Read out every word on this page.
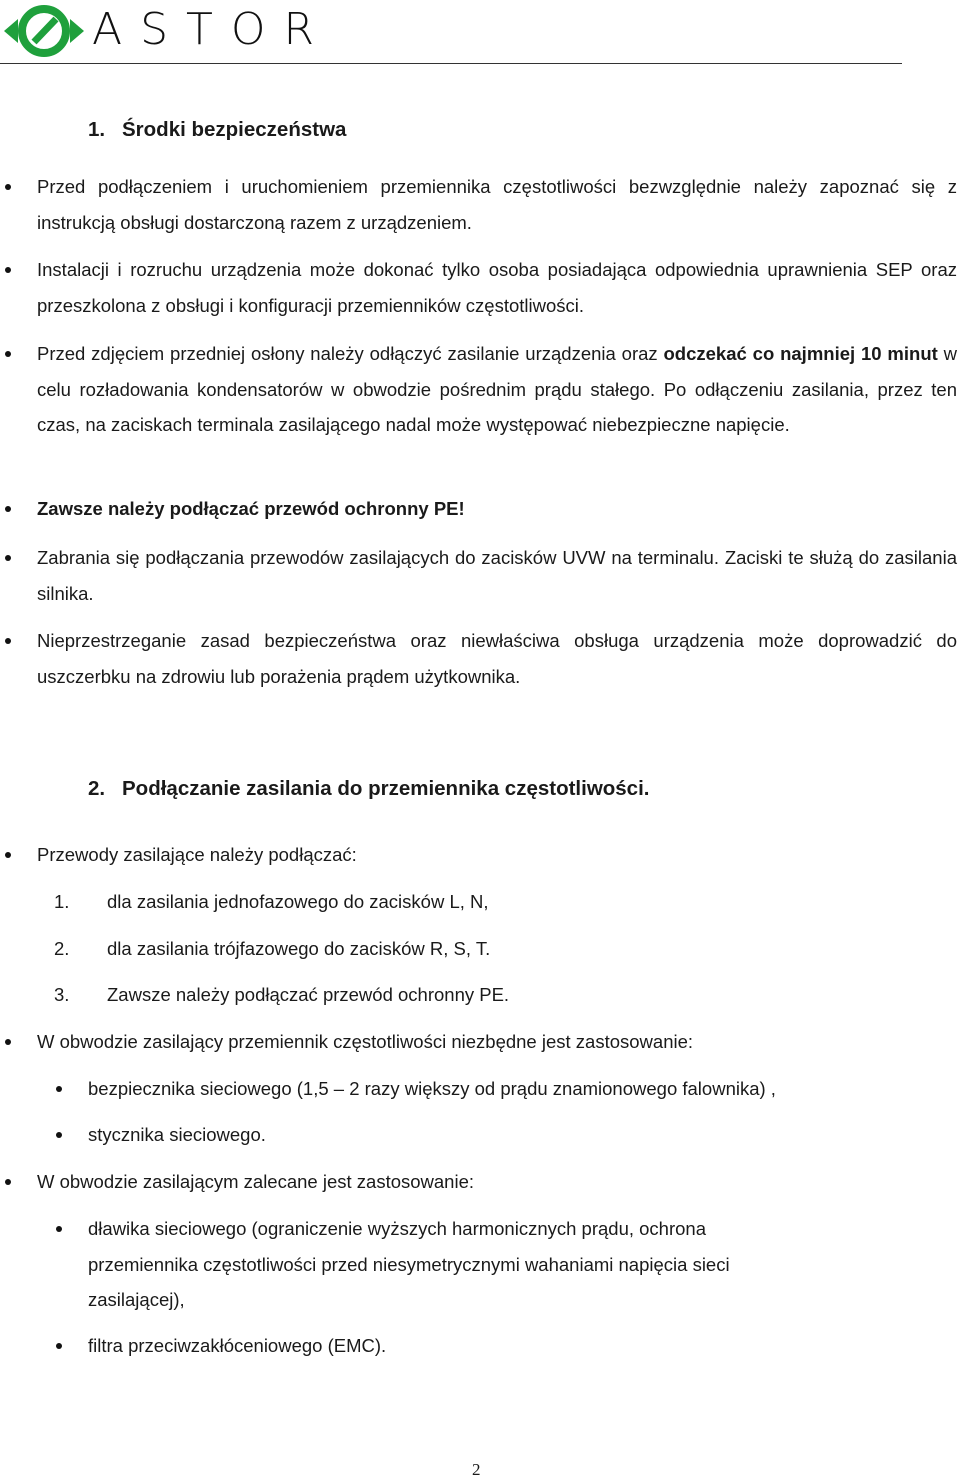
ASTOR
1. Środki bezpieczeństwa

Przed podłączeniem i uruchomieniem przemiennika częstotliwości bezwzględnie należy zapoznać się z instrukcją obsługi dostarczoną razem z urządzeniem.

Instalacji i rozruchu urządzenia może dokonać tylko osoba posiadająca odpowiednia uprawnienia SEP oraz przeszkolona z obsługi i konfiguracji przemienników częstotliwości.

Przed zdjęciem przedniej osłony należy odłączyć zasilanie urządzenia oraz odczekać co najmniej 10 minut w celu rozładowania kondensatorów w obwodzie pośrednim prądu stałego. Po odłączeniu zasilania, przez ten czas, na zaciskach terminala zasilającego nadal może występować niebezpieczne napięcie.

Zawsze należy podłączać przewód ochronny PE!

Zabrania się podłączania przewodów zasilających do zacisków UVW na terminalu. Zaciski te służą do zasilania silnika.

Nieprzestrzeganie zasad bezpieczeństwa oraz niewłaściwa obsługa urządzenia może doprowadzić do uszczerbku na zdrowiu lub porażenia prądem użytkownika.

2. Podłączanie zasilania do przemiennika częstotliwości.

Przewody zasilające należy podłączać:

1. dla zasilania jednofazowego do zacisków L, N,
2. dla zasilania trójfazowego do zacisków R, S, T.
3. Zawsze należy podłączać przewód ochronny PE.

W obwodzie zasilający przemiennik częstotliwości niezbędne jest zastosowanie:

bezpiecznika sieciowego (1,5 – 2 razy większy od prądu znamionowego falownika) ,

stycznika sieciowego.

W obwodzie zasilającym zalecane jest zastosowanie:

dławika sieciowego (ograniczenie wyższych harmonicznych prądu, ochrona przemiennika częstotliwości przed niesymetrycznymi wahaniami napięcia sieci zasilającej),

filtra przeciwzakłóceniowego (EMC).

2
